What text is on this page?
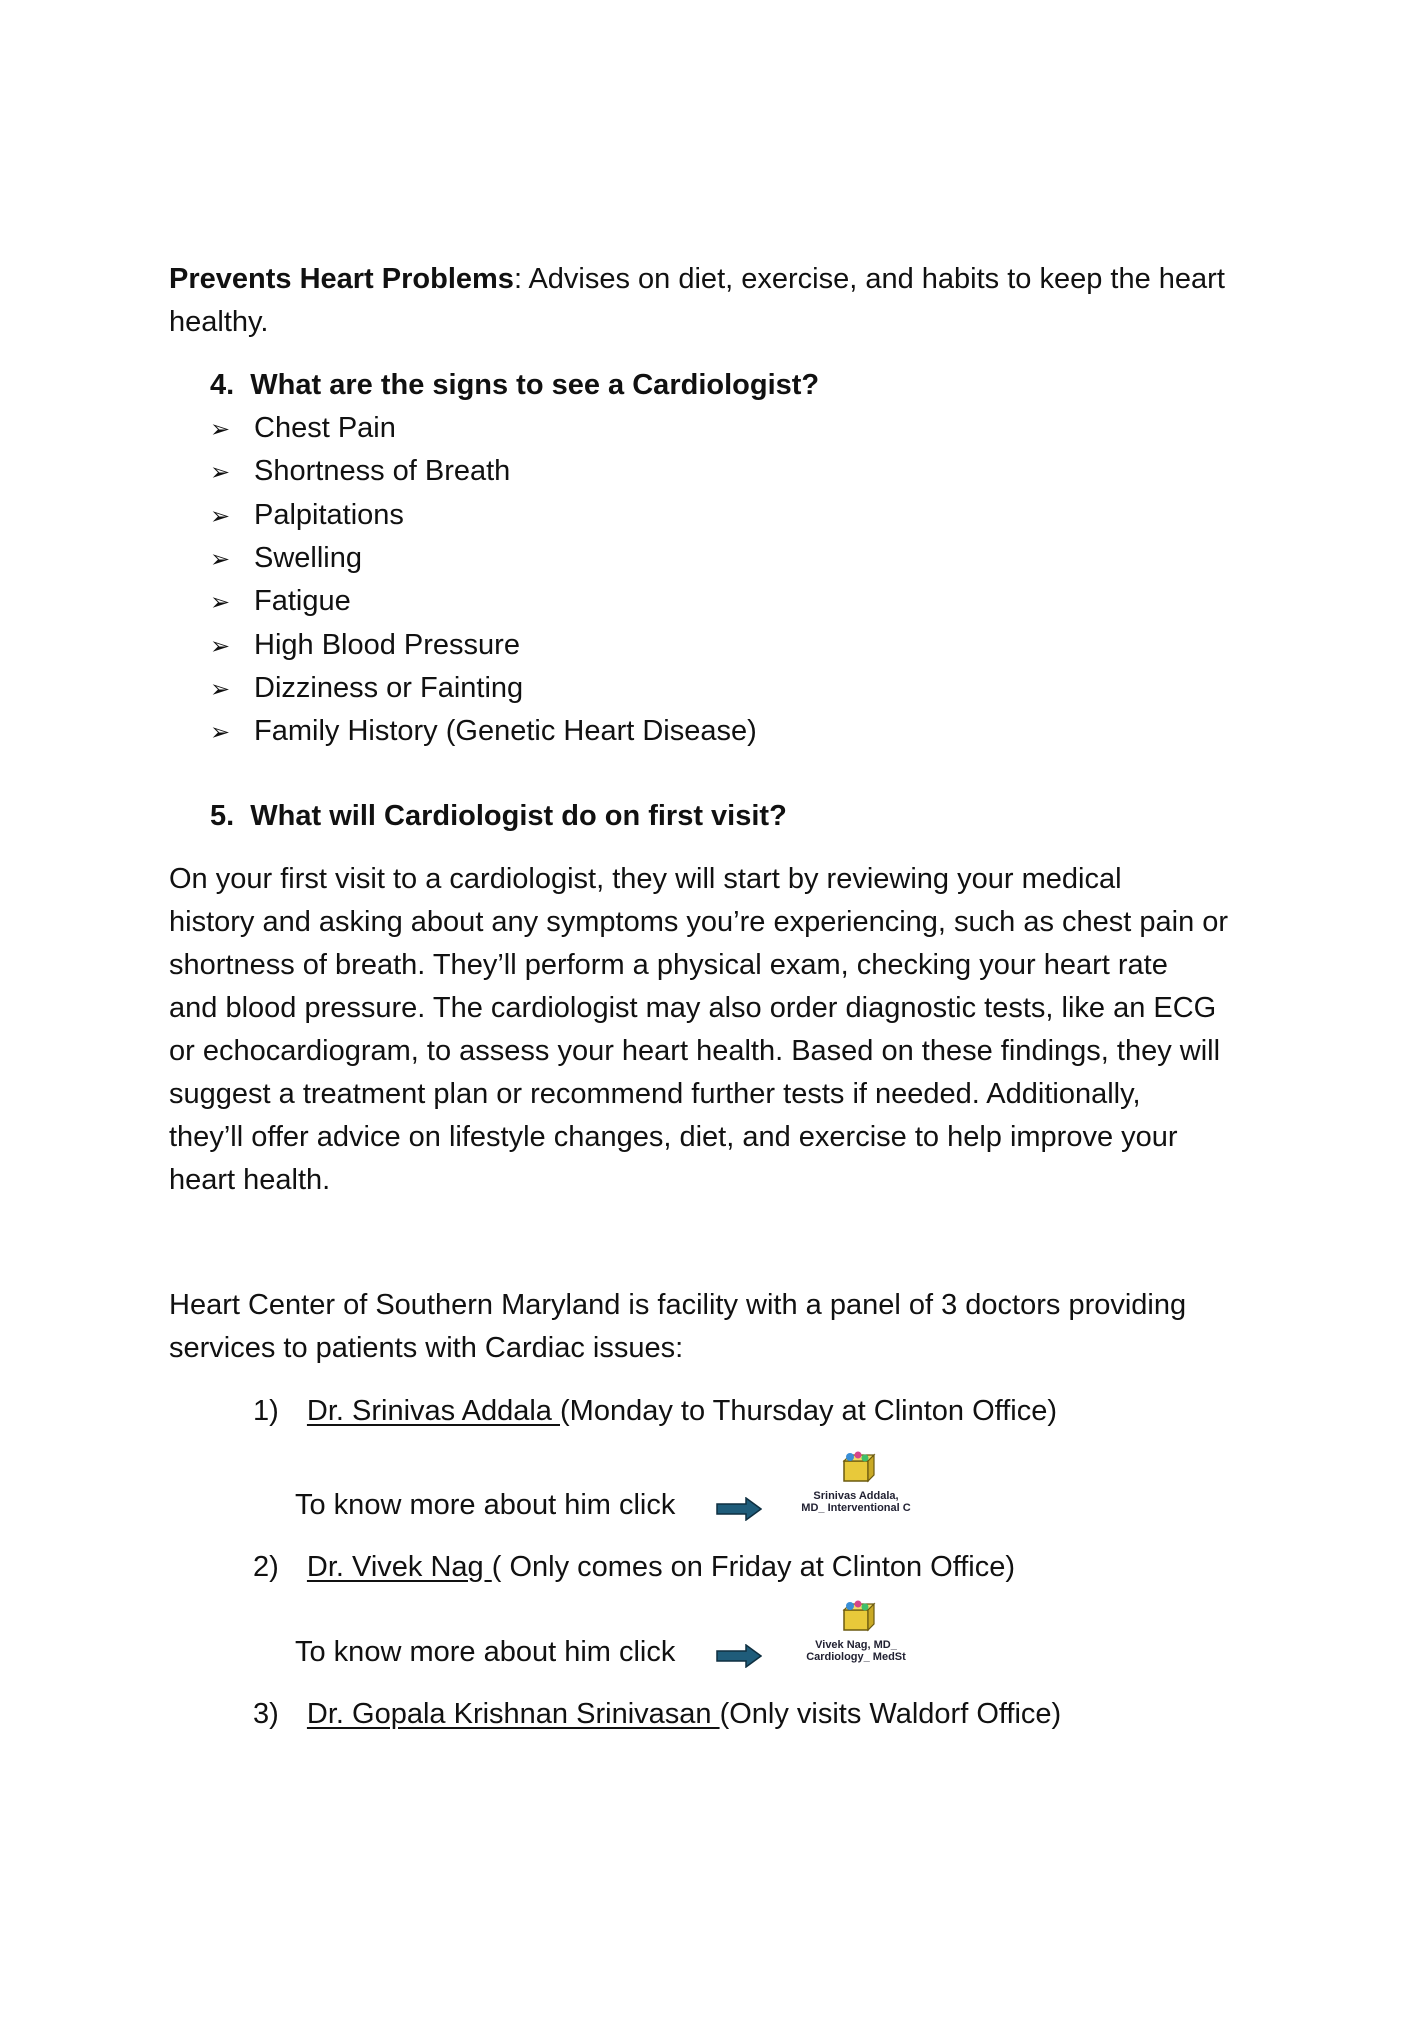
Prevents Heart Problems: Advises on diet, exercise, and habits to keep the heart
healthy.
4.  What are the signs to see a Cardiologist?
➢ Chest Pain
➢ Shortness of Breath
➢ Palpitations
➢ Swelling
➢ Fatigue
➢ High Blood Pressure
➢ Dizziness or Fainting
➢ Family History (Genetic Heart Disease)
5.  What will Cardiologist do on first visit?
On your first visit to a cardiologist, they will start by reviewing your medical
history and asking about any symptoms you’re experiencing, such as chest pain or
shortness of breath. They’ll perform a physical exam, checking your heart rate
and blood pressure. The cardiologist may also order diagnostic tests, like an ECG
or echocardiogram, to assess your heart health. Based on these findings, they will
suggest a treatment plan or recommend further tests if needed. Additionally,
they’ll offer advice on lifestyle changes, diet, and exercise to help improve your
heart health.
Heart Center of Southern Maryland is facility with a panel of 3 doctors providing
services to patients with Cardiac issues:
1) Dr. Srinivas Addala (Monday to Thursday at Clinton Office)
To know more about him click	Srinivas Addala,
MD_ Interventional C
2) Dr. Vivek Nag ( Only comes on Friday at Clinton Office)
To know more about him click	Vivek Nag, MD_
Cardiology_ MedSt
3) Dr. Gopala Krishnan Srinivasan (Only visits Waldorf Office)
